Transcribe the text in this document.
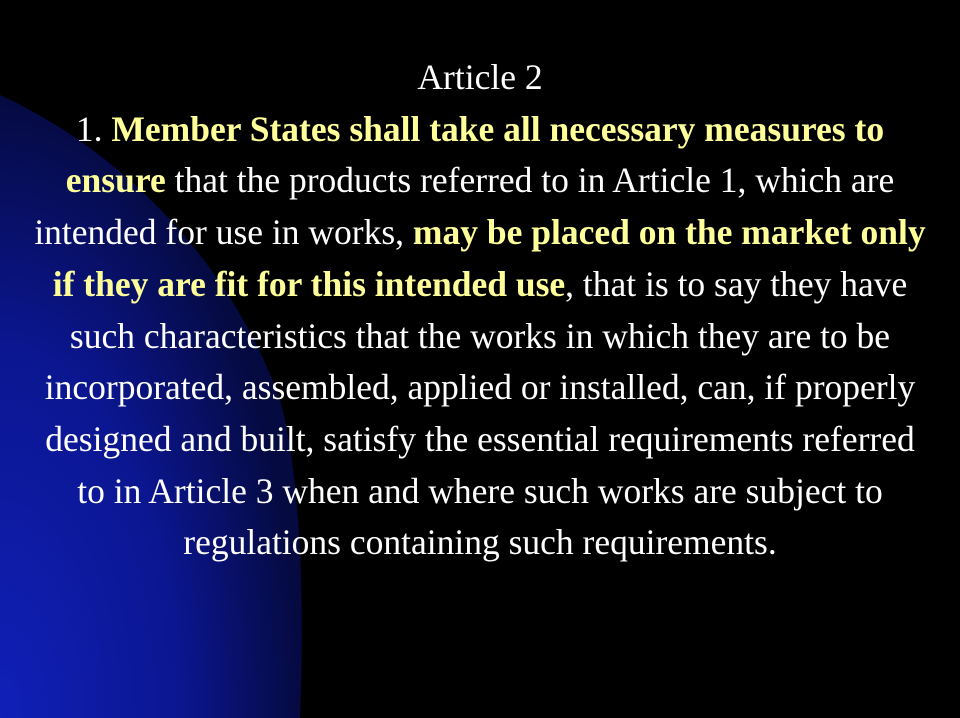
Article 2
1. Member States shall take all necessary measures to ensure that the products referred to in Article 1, which are intended for use in works, may be placed on the market only if they are fit for this intended use, that is to say they have such characteristics that the works in which they are to be incorporated, assembled, applied or installed, can, if properly designed and built, satisfy the essential requirements referred to in Article 3 when and where such works are subject to regulations containing such requirements.
